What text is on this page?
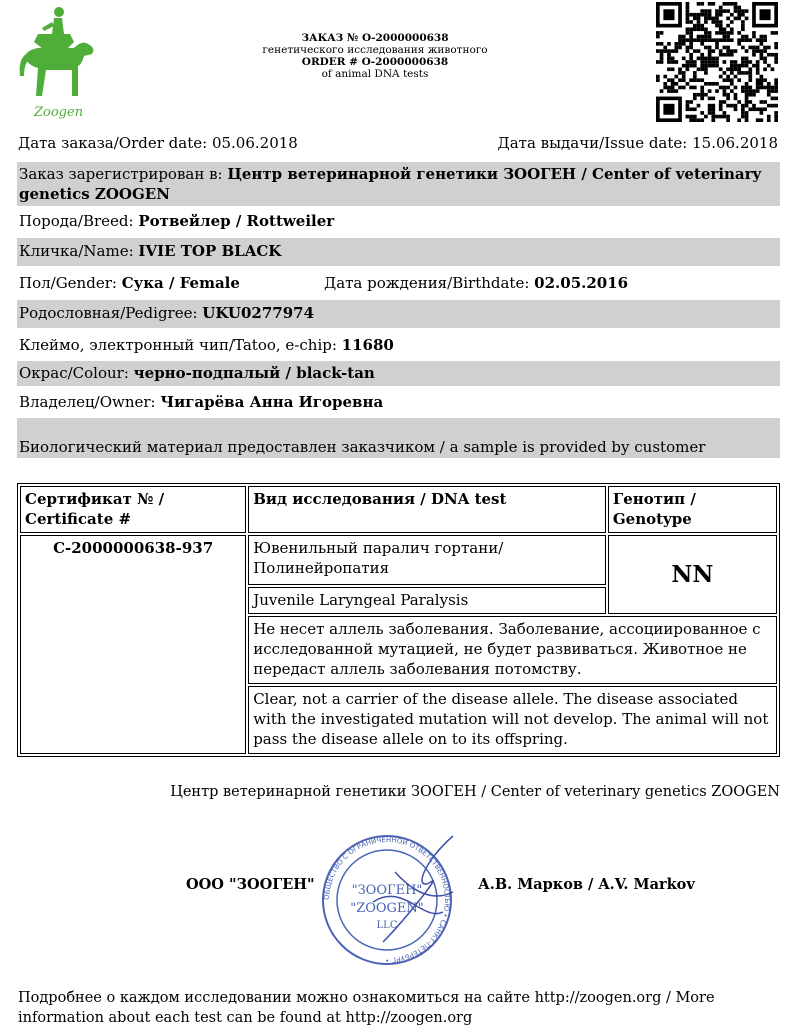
Zoogen
ЗАКАЗ № О-2000000638
генетического исследования животного
ORDER # О-2000000638
of animal DNA tests
Дата заказа/Order date: 05.06.2018	Дата выдачи/Issue date: 15.06.2018
Заказ зарегистрирован в: Центр ветеринарной генетики ЗООГЕН / Center of veterinary genetics ZOOGEN
Порода/Breed: Ротвейлер / Rottweiler
Кличка/Name: IVIE TOP BLACK
Пол/Gender: Сука / Female	Дата рождения/Birthdate: 02.05.2016
Родословная/Pedigree: UKU0277974
Клеймо, электронный чип/Tatoo, e-chip: 11680
Окрас/Colour: черно-подпалый / black-tan
Владелец/Owner: Чигарёва Анна Игоревна
Биологический материал предоставлен заказчиком / a sample is provided by customer
Сертификат № / Certificate #	Вид исследования / DNA test	Генотип / Genotype
C-2000000638-937	Ювенильный паралич гортани/Полинейропатия	NN
	Juvenile Laryngeal Paralysis	
	Не несет аллель заболевания. Заболевание, ассоциированное с исследованной мутацией, не будет развиваться. Животное не передаст аллель заболевания потомству.	
	Clear, not a carrier of the disease allele. The disease associated with the investigated mutation will not develop. The animal will not pass the disease allele on to its offspring.	
Центр ветеринарной генетики ЗООГЕН / Center of veterinary genetics ZOOGEN
ООО "ЗООГЕН"	А.В. Марков / A.V. Markov
ОБЩЕСТВО С ОГРАНИЧЕННОЙ ОТВЕТСТВЕННОСТЬЮ • САНКТ-ПЕТЕРБУРГ •
"ЗООГЕН"
"ZOOGEN"
LLC
Подробнее о каждом исследовании можно ознакомиться на сайте http://zoogen.org / More information about each test can be found at http://zoogen.org
